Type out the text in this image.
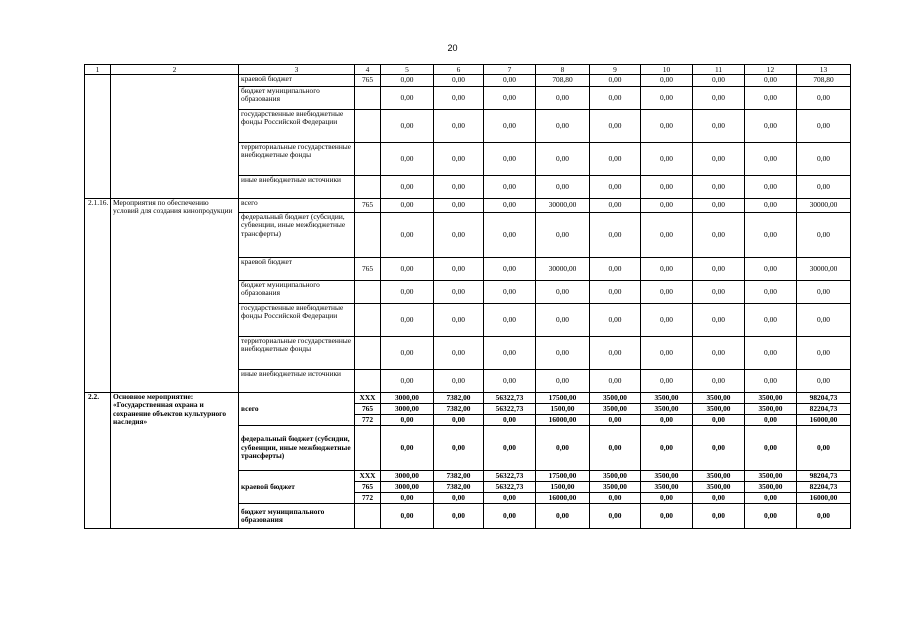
20
1	2	3	4	5	6	7	8	9	10	11	12	13
		краевой бюджет	765	0,00	0,00	0,00	708,80	0,00	0,00	0,00	0,00	708,80
		бюджет муниципального образования		0,00	0,00	0,00	0,00	0,00	0,00	0,00	0,00	0,00
		государственные внебюджетные фонды Российской Федерации		0,00	0,00	0,00	0,00	0,00	0,00	0,00	0,00	0,00
		территориальные государственные внебюджетные фонды		0,00	0,00	0,00	0,00	0,00	0,00	0,00	0,00	0,00
		иные внебюджетные источники		0,00	0,00	0,00	0,00	0,00	0,00	0,00	0,00	0,00
2.1.16.	Мероприятия по обеспечению условий для создания кинопродукции	всего	765	0,00	0,00	0,00	30000,00	0,00	0,00	0,00	0,00	30000,00
		федеральный бюджет (субсидии, субвенции, иные межбюджетные трансферты)		0,00	0,00	0,00	0,00	0,00	0,00	0,00	0,00	0,00
		краевой бюджет	765	0,00	0,00	0,00	30000,00	0,00	0,00	0,00	0,00	30000,00
		бюджет муниципального образования		0,00	0,00	0,00	0,00	0,00	0,00	0,00	0,00	0,00
		государственные внебюджетные фонды Российской Федерации		0,00	0,00	0,00	0,00	0,00	0,00	0,00	0,00	0,00
		территориальные государственные внебюджетные фонды		0,00	0,00	0,00	0,00	0,00	0,00	0,00	0,00	0,00
		иные внебюджетные источники		0,00	0,00	0,00	0,00	0,00	0,00	0,00	0,00	0,00
2.2.	Основное мероприятие: «Государственная охрана и сохранение объектов культурного наследия»	всего	XXX	3000,00	7382,00	56322,73	17500,00	3500,00	3500,00	3500,00	3500,00	98204,73
			765	3000,00	7382,00	56322,73	1500,00	3500,00	3500,00	3500,00	3500,00	82204,73
			772	0,00	0,00	0,00	16000,00	0,00	0,00	0,00	0,00	16000,00
		федеральный бюджет (субсидии, субвенции, иные межбюджетные трансферты)		0,00	0,00	0,00	0,00	0,00	0,00	0,00	0,00	0,00
		краевой бюджет	XXX	3000,00	7382,00	56322,73	17500,00	3500,00	3500,00	3500,00	3500,00	98204,73
			765	3000,00	7382,00	56322,73	1500,00	3500,00	3500,00	3500,00	3500,00	82204,73
			772	0,00	0,00	0,00	16000,00	0,00	0,00	0,00	0,00	16000,00
		бюджет муниципального образования		0,00	0,00	0,00	0,00	0,00	0,00	0,00	0,00	0,00
